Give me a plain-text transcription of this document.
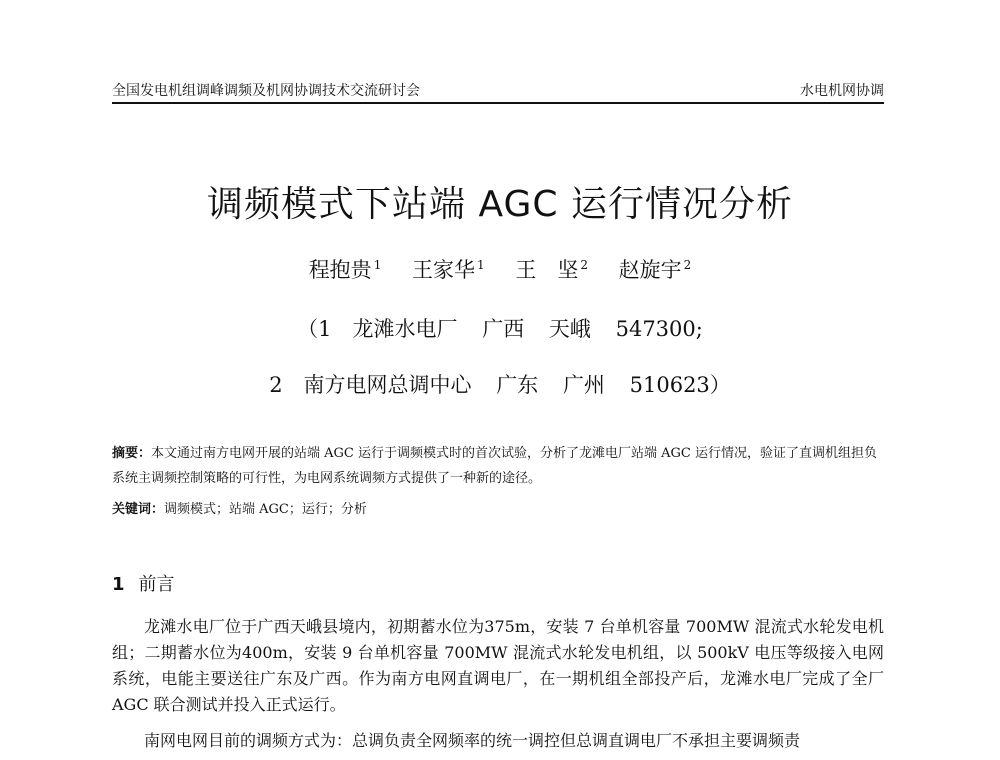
全国发电机组调峰调频及机网协调技术交流研讨会	水电机网协调
调频模式下站端 AGC 运行情况分析
程抱贵 $^1$ 王家华 $^1$ 王　坚 $^2$ 赵旋宇 $^2$
（1　龙滩水电厂 广西 天峨 547300;
2　南方电网总调中心 广东 广州 510623）
摘要：本文通过南方电网开展的站端 AGC 运行于调频模式时的首次试验，分析了龙滩电厂站端 AGC 运行情况，验证了直调机组担负系统主调频控制策略的可行性，为电网系统调频方式提供了一种新的途径。
关键词：调频模式；站端 AGC；运行；分析
1 前言
龙滩水电厂位于广西天峨县境内，初期蓄水位为375m，安装 7 台单机容量 700MW 混流式水轮发电机组；二期蓄水位为400m，安装 9 台单机容量 700MW 混流式水轮发电机组，以 500kV 电压等级接入电网系统，电能主要送往广东及广西。作为南方电网直调电厂，在一期机组全部投产后，龙滩水电厂完成了全厂 AGC 联合测试并投入正式运行。
南网电网目前的调频方式为：总调负责全网频率的统一调控但总调直调电厂不承担主要调频责
